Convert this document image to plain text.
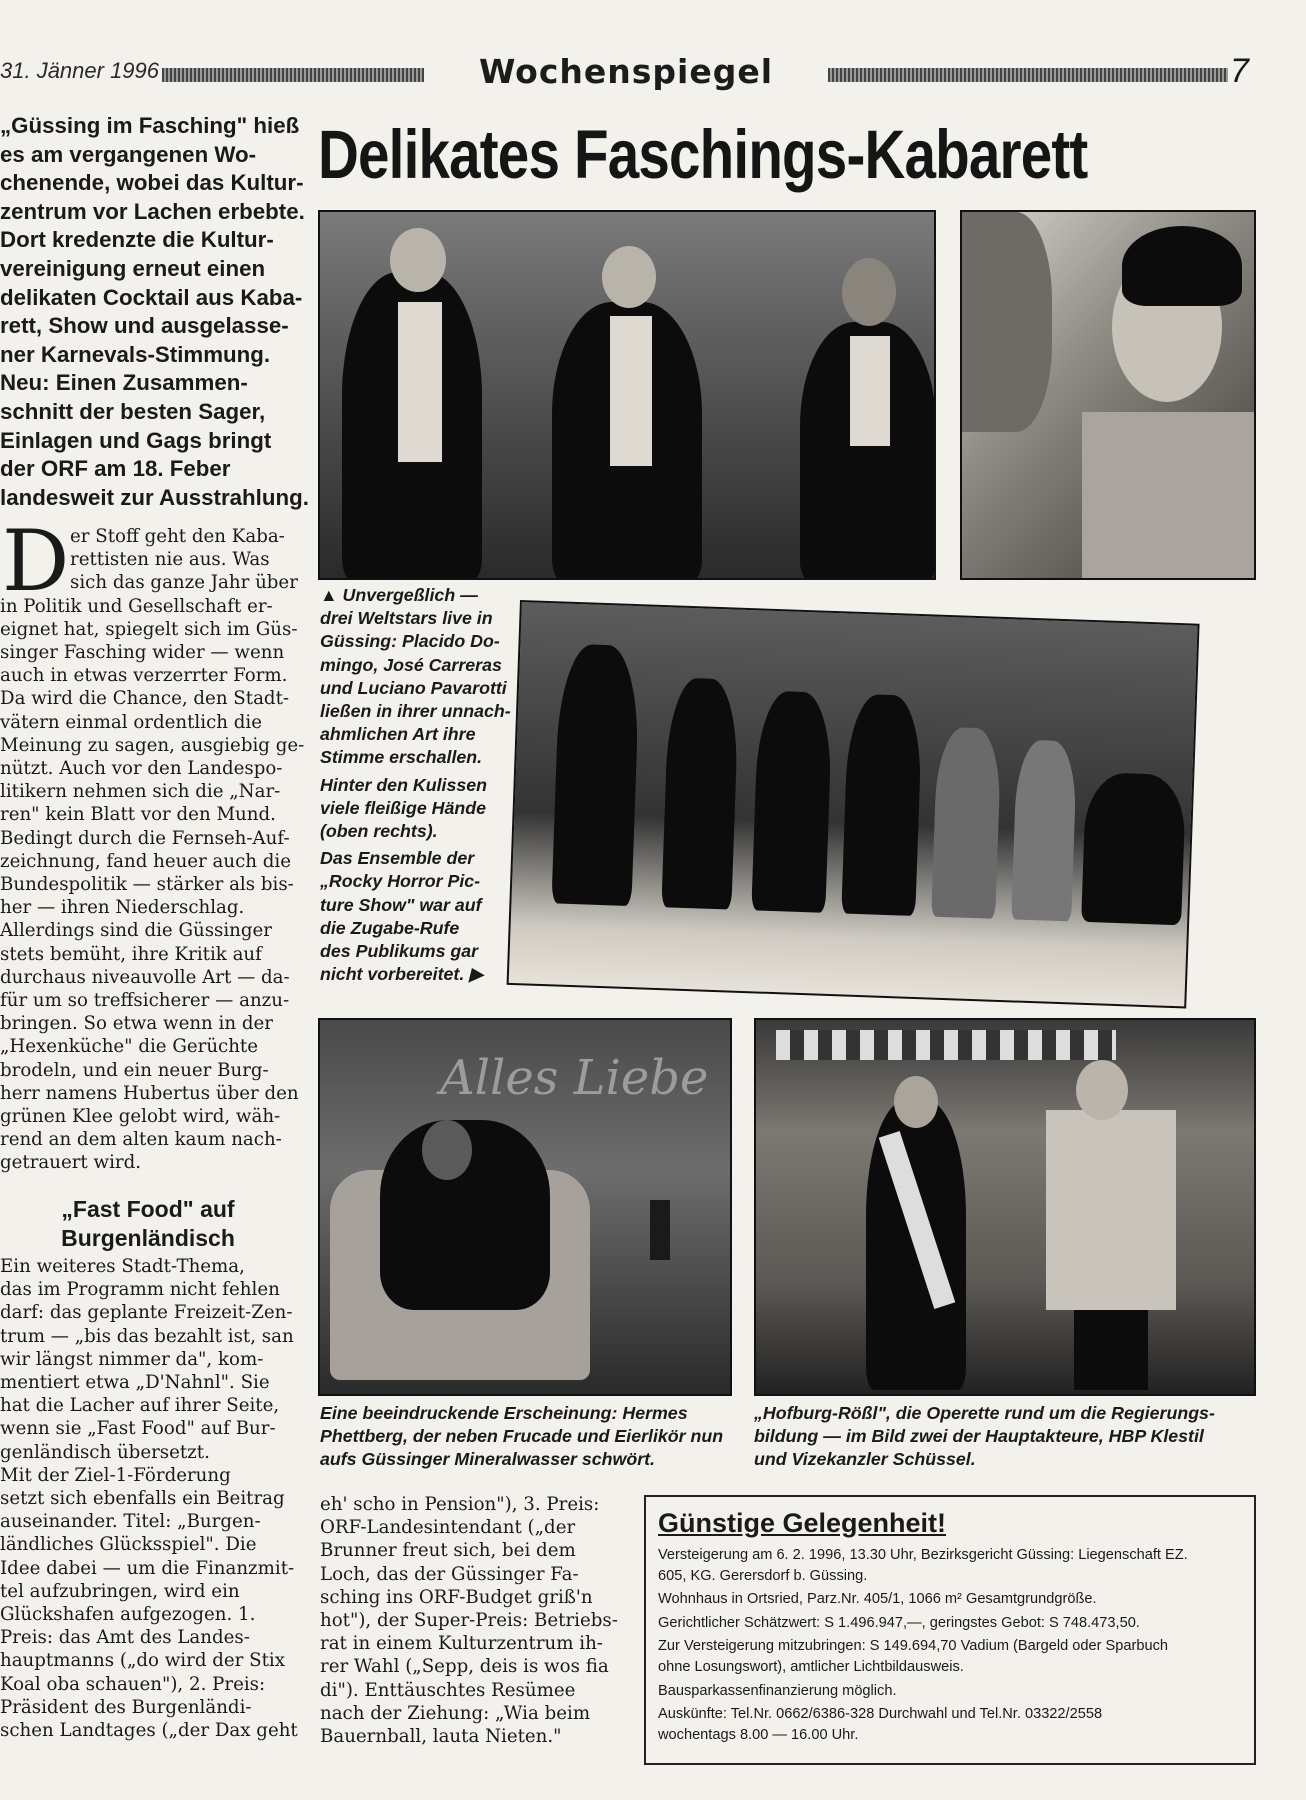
31. Jänner 1996	Wochenspiegel	7
Delikates Faschings-Kabarett
„Güssing im Fasching" hieß
es am vergangenen Wo-
chenende, wobei das Kultur-
zentrum vor Lachen erbebte.
Dort kredenzte die Kultur-
vereinigung erneut einen
delikaten Cocktail aus Kaba-
rett, Show und ausgelasse-
ner Karnevals-Stimmung.
Neu: Einen Zusammen-
schnitt der besten Sager,
Einlagen und Gags bringt
der ORF am 18. Feber
landesweit zur Ausstrahlung.
D er Stoff geht den Kaba-
rettisten nie aus. Was
sich das ganze Jahr über
in Politik und Gesellschaft er-
eignet hat, spiegelt sich im Güs-
singer Fasching wider — wenn
auch in etwas verzerrter Form.
Da wird die Chance, den Stadt-
vätern einmal ordentlich die
Meinung zu sagen, ausgiebig ge-
nützt. Auch vor den Landespo-
litikern nehmen sich die „Nar-
ren" kein Blatt vor den Mund.
Bedingt durch die Fernseh-Auf-
zeichnung, fand heuer auch die
Bundespolitik — stärker als bis-
her — ihren Niederschlag.
Allerdings sind die Güssinger
stets bemüht, ihre Kritik auf
durchaus niveauvolle Art — da-
für um so treffsicherer — anzu-
bringen. So etwa wenn in der
„Hexenküche" die Gerüchte
brodeln, und ein neuer Burg-
herr namens Hubertus über den
grünen Klee gelobt wird, wäh-
rend an dem alten kaum nach-
getrauert wird.
„Fast Food" auf
Burgenländisch
Ein weiteres Stadt-Thema,
das im Programm nicht fehlen
darf: das geplante Freizeit-Zen-
trum — „bis das bezahlt ist, san
wir längst nimmer da", kom-
mentiert etwa „D'Nahnl". Sie
hat die Lacher auf ihrer Seite,
wenn sie „Fast Food" auf Bur-
genländisch übersetzt.
Mit der Ziel-1-Förderung
setzt sich ebenfalls ein Beitrag
auseinander. Titel: „Burgen-
ländliches Glücksspiel". Die
Idee dabei — um die Finanzmit-
tel aufzubringen, wird ein
Glückshafen aufgezogen. 1.
Preis: das Amt des Landes-
hauptmanns („do wird der Stix
Koal oba schauen"), 2. Preis:
Präsident des Burgenländi-
schen Landtages („der Dax geht
eh' scho in Pension"), 3. Preis:
ORF-Landesintendant („der
Brunner freut sich, bei dem
Loch, das der Güssinger Fa-
sching ins ORF-Budget griß'n
hot"), der Super-Preis: Betriebs-
rat in einem Kulturzentrum ih-
rer Wahl („Sepp, deis is wos fia
di"). Enttäuschtes Resümee
nach der Ziehung: „Wia beim
Bauernball, lauta Nieten."
▲ Unvergeßlich —
drei Weltstars live in
Güssing: Placido Do-
mingo, José Carreras
und Luciano Pavarotti
ließen in ihrer unnach-
ahmlichen Art ihre
Stimme erschallen.
Hinter den Kulissen
viele fleißige Hände
(oben rechts).
Das Ensemble der
„Rocky Horror Pic-
ture Show" war auf
die Zugabe-Rufe
des Publikums gar
nicht vorbereitet. ▶
Alles Liebe
Eine beeindruckende Erscheinung: Hermes
Phettberg, der neben Frucade und Eierlikör nun
aufs Güssinger Mineralwasser schwört.
„Hofburg-Rößl", die Operette rund um die Regierungs-
bildung — im Bild zwei der Hauptakteure, HBP Klestil
und Vizekanzler Schüssel.
Günstige Gelegenheit!
Versteigerung am 6. 2. 1996, 13.30 Uhr, Bezirksgericht Güssing: Liegenschaft EZ.
605, KG. Gerersdorf b. Güssing.
Wohnhaus in Ortsried, Parz.Nr. 405/1, 1066 m² Gesamtgrundgröße.
Gerichtlicher Schätzwert: S 1.496.947,—, geringstes Gebot: S 748.473,50.
Zur Versteigerung mitzubringen: S 149.694,70 Vadium (Bargeld oder Sparbuch
ohne Losungswort), amtlicher Lichtbildausweis.
Bausparkassenfinanzierung möglich.
Auskünfte: Tel.Nr. 0662/6386-328 Durchwahl und Tel.Nr. 03322/2558
wochentags 8.00 — 16.00 Uhr.
